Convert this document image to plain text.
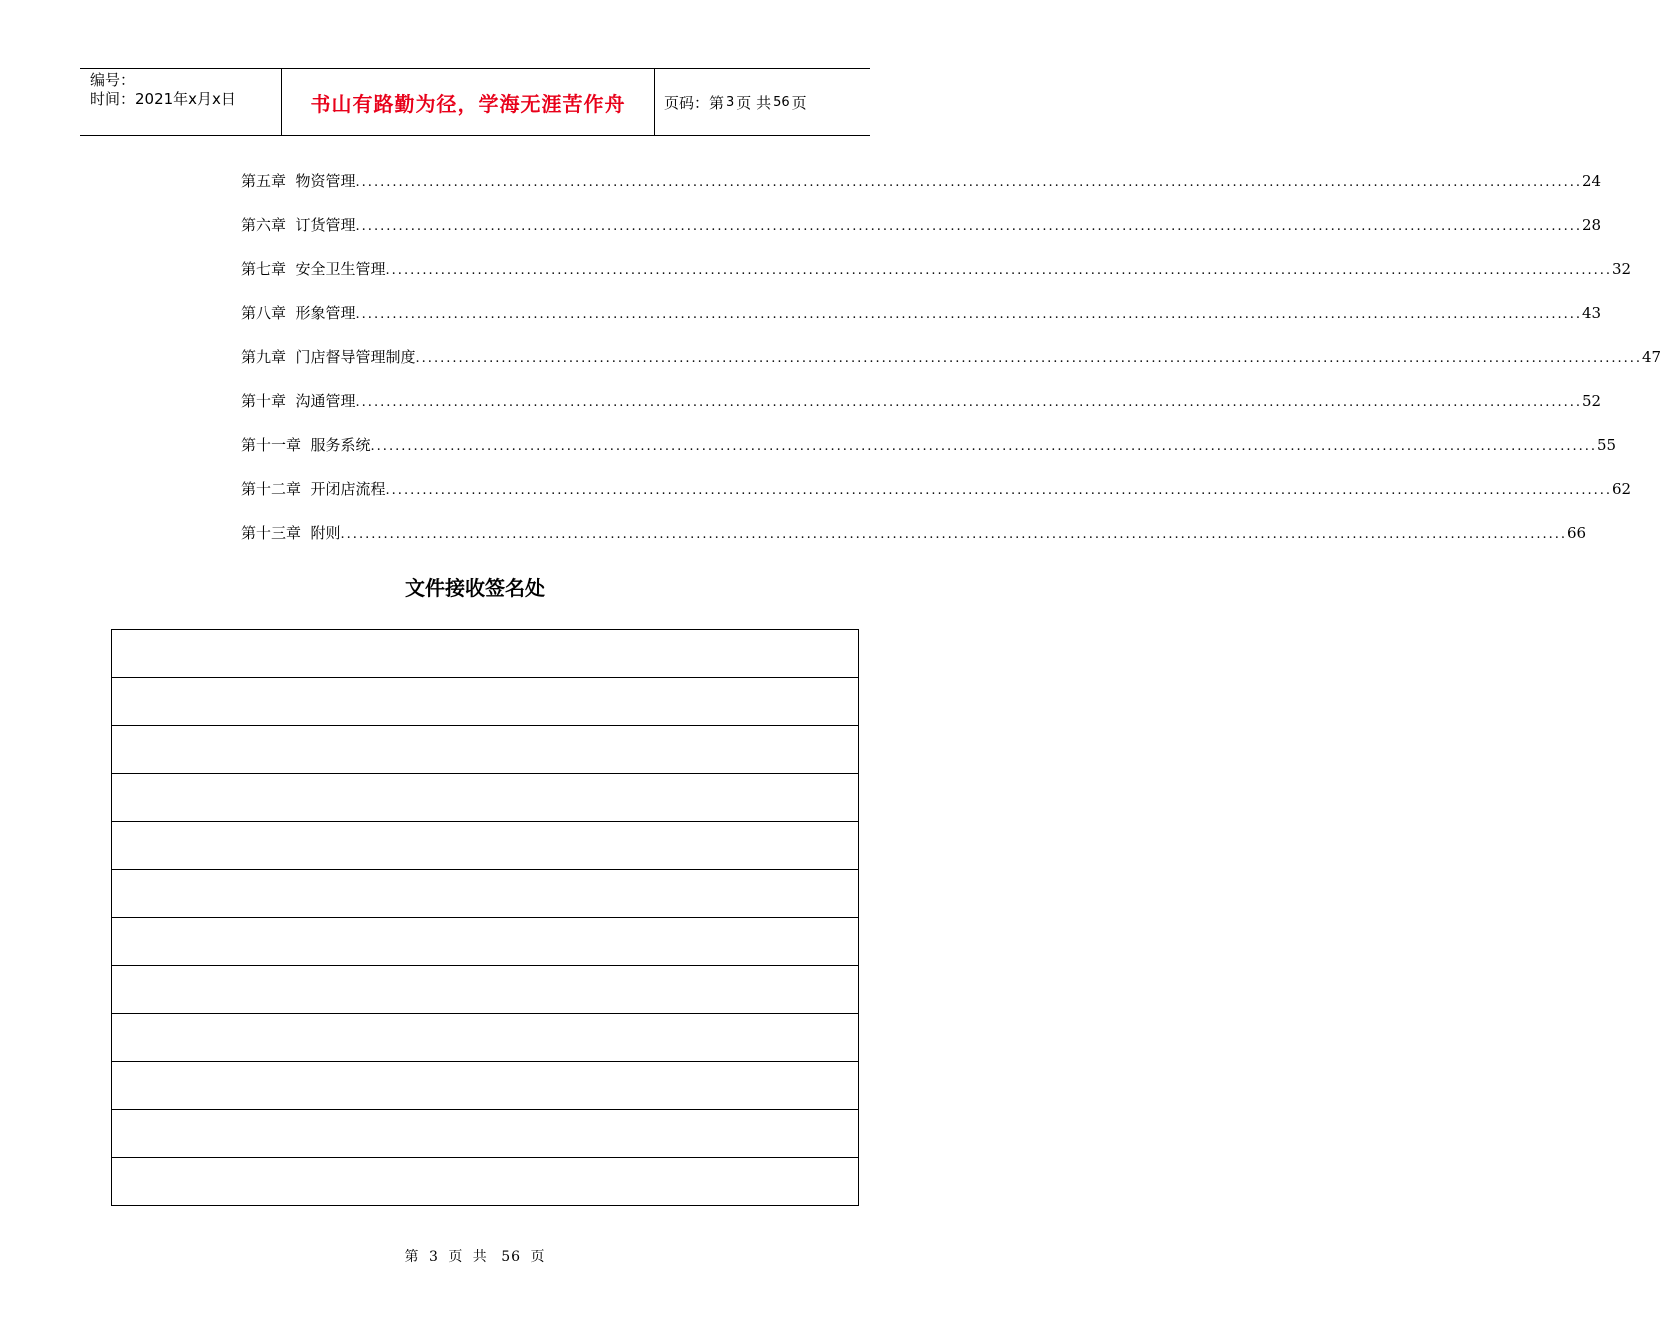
编号：
时间：2021年x月x日	书山有路勤为径，学海无涯苦作舟	页码：第 3 页 共 56 页
第五章  物资管理 ........................................................................................................................................................................................................ 24
第六章  订货管理 ........................................................................................................................................................................................................ 28
第七章  安全卫生管理 ........................................................................................................................................................................................................ 32
第八章  形象管理 ........................................................................................................................................................................................................ 43
第九章  门店督导管理制度 ........................................................................................................................................................................................................ 47
第十章  沟通管理 ........................................................................................................................................................................................................ 52
第十一章  服务系统 ........................................................................................................................................................................................................ 55
第十二章  开闭店流程 ........................................................................................................................................................................................................ 62
第十三章  附则 ........................................................................................................................................................................................................ 66
文件接收签名处

第 3 页 共 56 页
